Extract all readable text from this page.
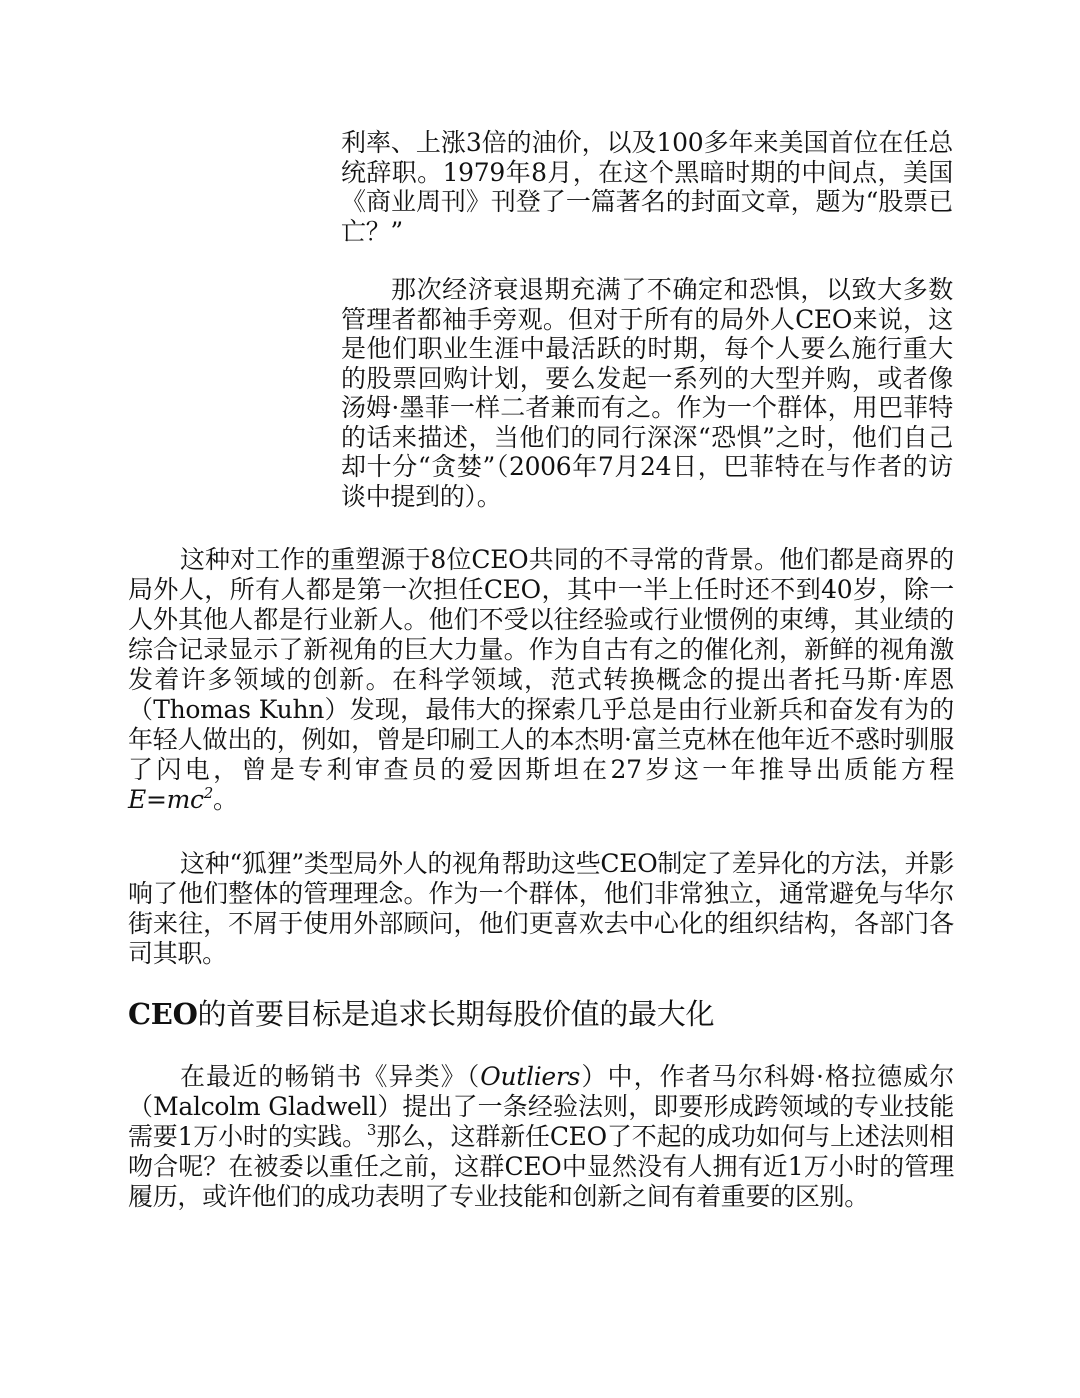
利率、上涨3倍的油价，以及100多年来美国首位在任总统辞职。1979年8月，在这个黑暗时期的中间点，美国《商业周刊》刊登了一篇著名的封面文章，题为“股票已亡？”

那次经济衰退期充满了不确定和恐惧，以致大多数管理者都袖手旁观。但对于所有的局外人CEO来说，这是他们职业生涯中最活跃的时期，每个人要么施行重大的股票回购计划，要么发起一系列的大型并购，或者像汤姆·墨菲一样二者兼而有之。作为一个群体，用巴菲特的话来描述，当他们的同行深深“恐惧”之时，他们自己却十分“贪婪”（2006年7月24日，巴菲特在与作者的访谈中提到的）。

这种对工作的重塑源于8位CEO共同的不寻常的背景。他们都是商界的局外人，所有人都是第一次担任CEO，其中一半上任时还不到40岁，除一人外其他人都是行业新人。他们不受以往经验或行业惯例的束缚，其业绩的综合记录显示了新视角的巨大力量。作为自古有之的催化剂，新鲜的视角激发着许多领域的创新。在科学领域，范式转换概念的提出者托马斯·库恩（Thomas Kuhn）发现，最伟大的探索几乎总是由行业新兵和奋发有为的年轻人做出的，例如，曾是印刷工人的本杰明·富兰克林在他年近不惑时驯服了闪电，曾是专利审查员的爱因斯坦在27岁这一年推导出质能方程$E=mc^2$。

这种“狐狸”类型局外人的视角帮助这些CEO制定了差异化的方法，并影响了他们整体的管理理念。作为一个群体，他们非常独立，通常避免与华尔街来往，不屑于使用外部顾问，他们更喜欢去中心化的组织结构，各部门各司其职。

CEO的首要目标是追求长期每股价值的最大化

在最近的畅销书《异类》（Outliers）中，作者马尔科姆·格拉德威尔（Malcolm Gladwell）提出了一条经验法则，即要形成跨领域的专业技能需要1万小时的实践。$^3$那么，这群新任CEO了不起的成功如何与上述法则相吻合呢？在被委以重任之前，这群CEO中显然没有人拥有近1万小时的管理履历，或许他们的成功表明了专业技能和创新之间有着重要的区别。
